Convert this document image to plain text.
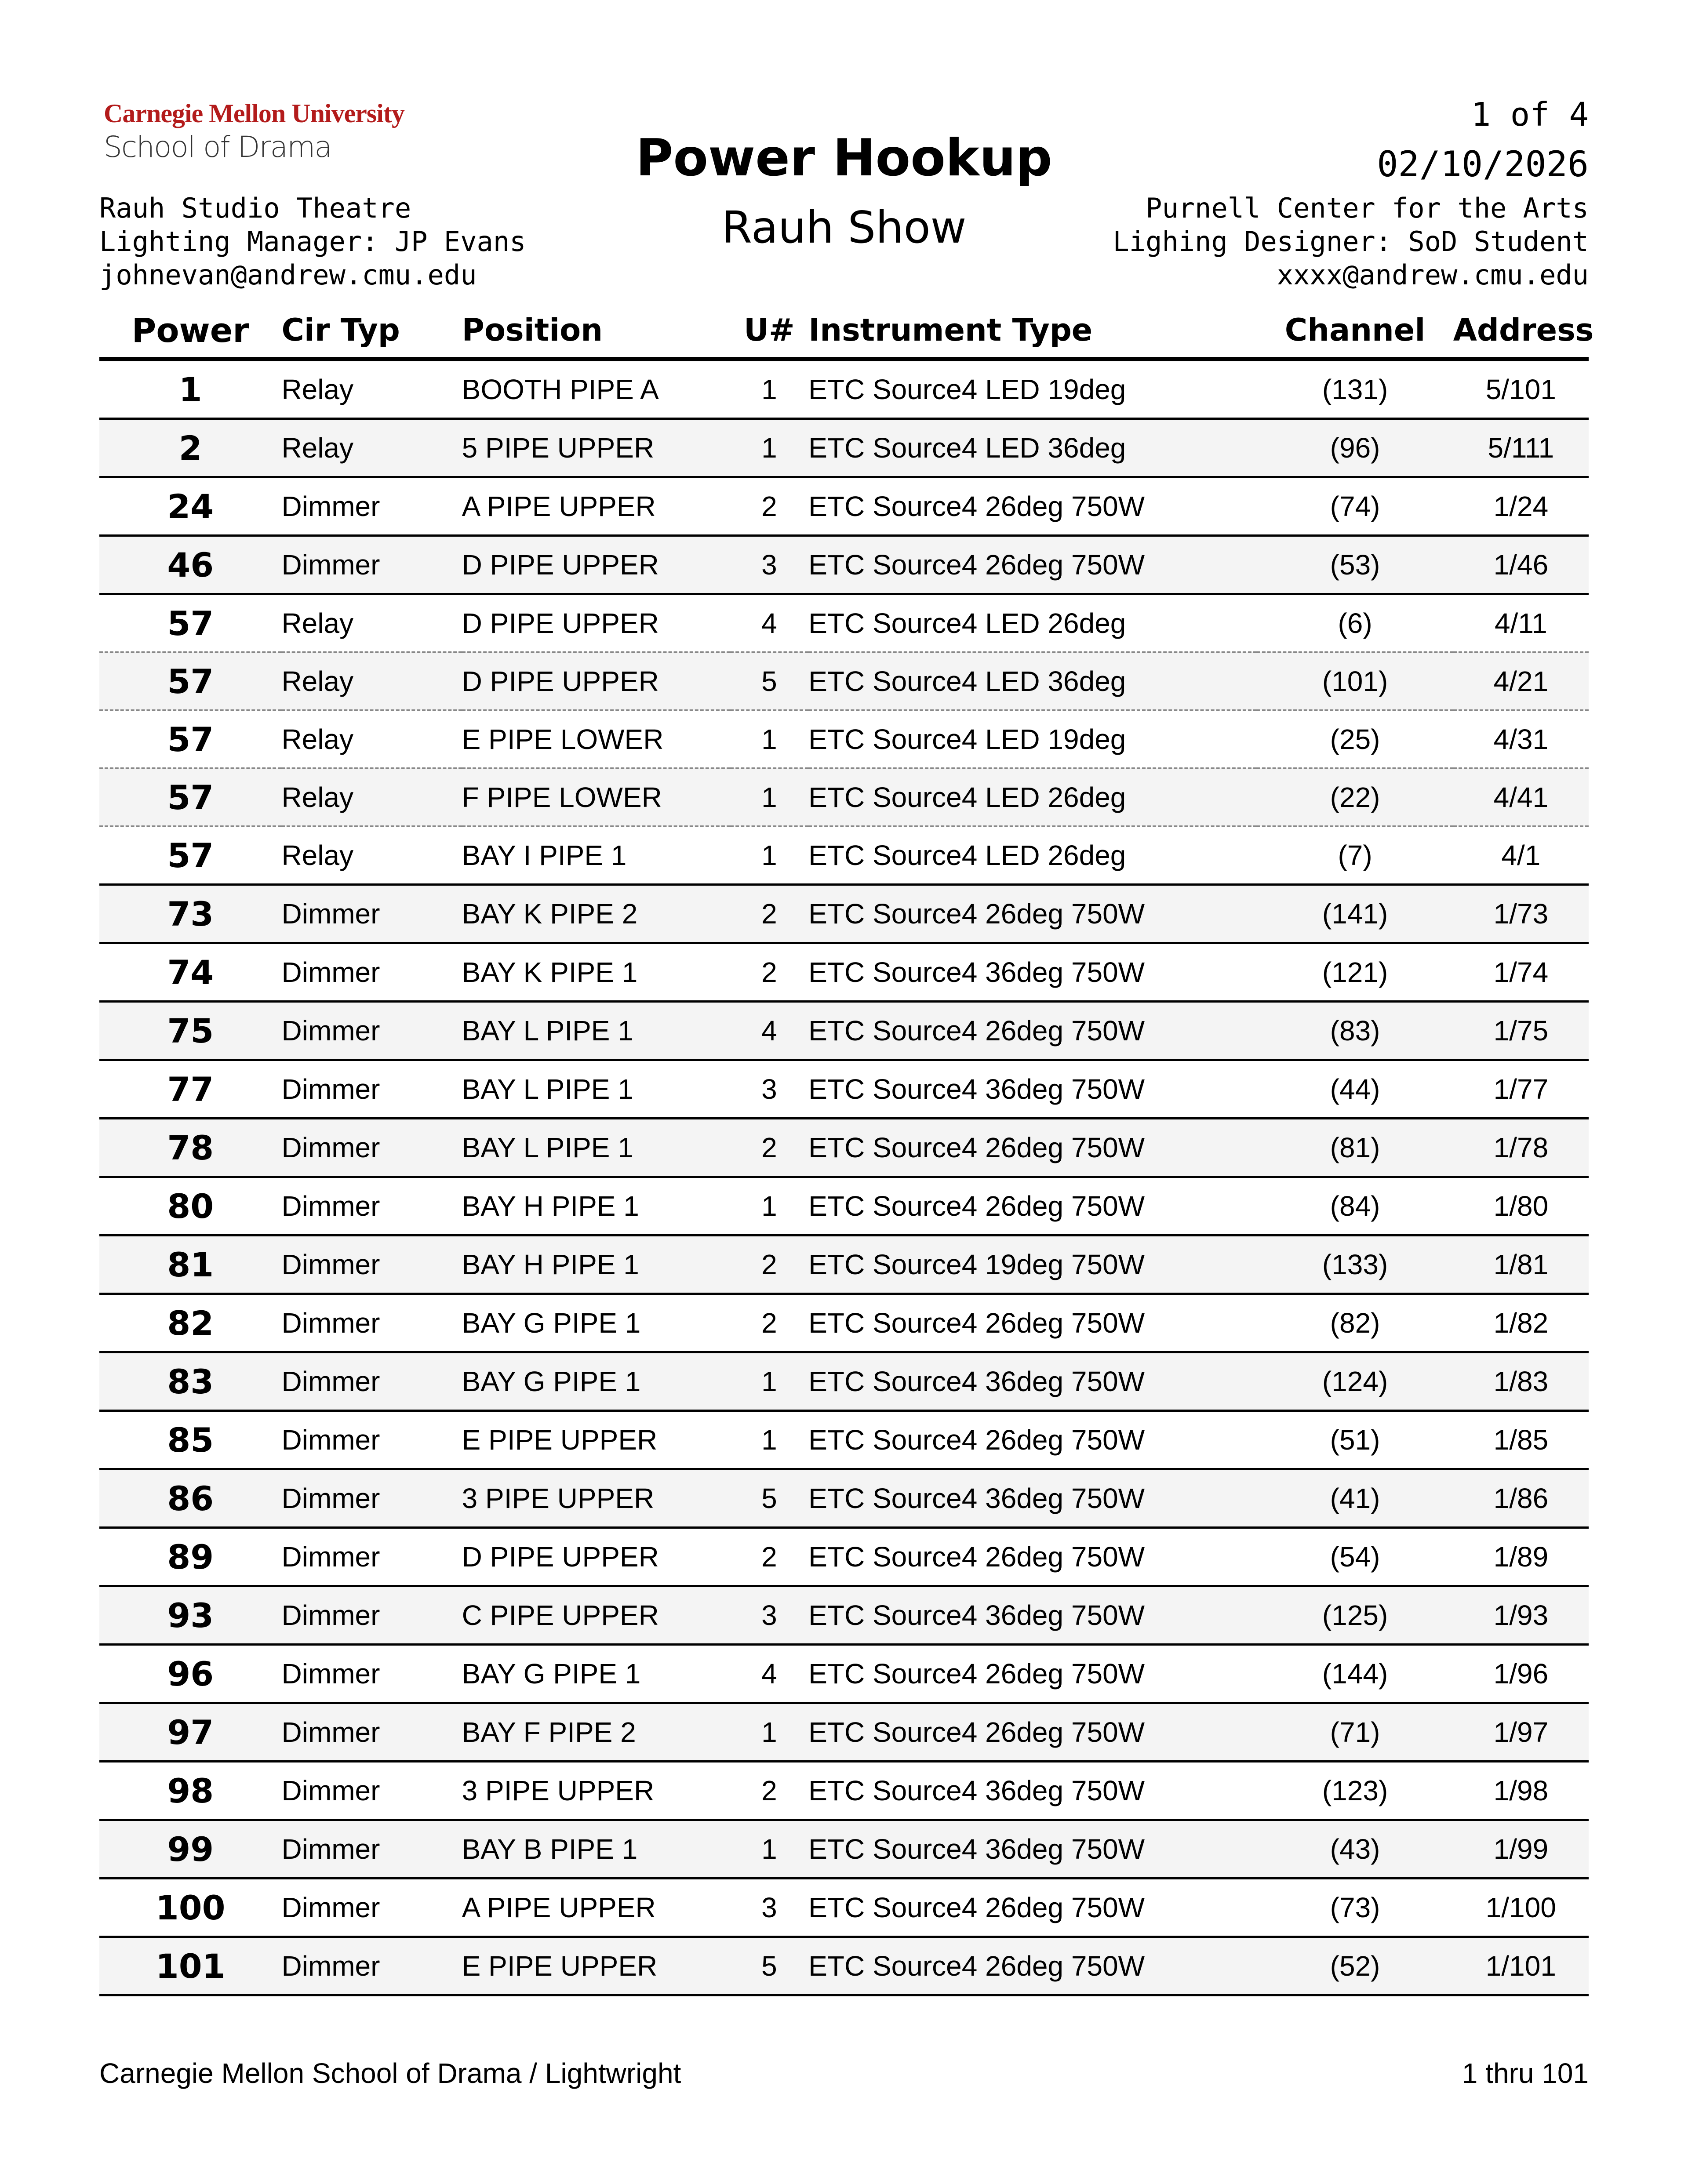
Carnegie Mellon University
School of Drama	Power Hookup
Rauh Show
1 of 4
02/10/2026
Rauh Studio Theatre
Lighting Manager: JP Evans
johnevan@andrew.cmu.edu
Purnell Center for the Arts
Lighing Designer: SoD Student
xxxx@andrew.cmu.edu
Power	Cir Typ	Position	U#	Instrument Type	Channel	Address
1	Relay	BOOTH PIPE A	1	ETC Source4 LED 19deg	(131)	5/101
2	Relay	5 PIPE UPPER	1	ETC Source4 LED 36deg	(96)	5/111
24	Dimmer	A PIPE UPPER	2	ETC Source4 26deg 750W	(74)	1/24
46	Dimmer	D PIPE UPPER	3	ETC Source4 26deg 750W	(53)	1/46
57	Relay	D PIPE UPPER	4	ETC Source4 LED 26deg	(6)	4/11
57	Relay	D PIPE UPPER	5	ETC Source4 LED 36deg	(101)	4/21
57	Relay	E PIPE LOWER	1	ETC Source4 LED 19deg	(25)	4/31
57	Relay	F PIPE LOWER	1	ETC Source4 LED 26deg	(22)	4/41
57	Relay	BAY I PIPE 1	1	ETC Source4 LED 26deg	(7)	4/1
73	Dimmer	BAY K PIPE 2	2	ETC Source4 26deg 750W	(141)	1/73
74	Dimmer	BAY K PIPE 1	2	ETC Source4 36deg 750W	(121)	1/74
75	Dimmer	BAY L PIPE 1	4	ETC Source4 26deg 750W	(83)	1/75
77	Dimmer	BAY L PIPE 1	3	ETC Source4 36deg 750W	(44)	1/77
78	Dimmer	BAY L PIPE 1	2	ETC Source4 26deg 750W	(81)	1/78
80	Dimmer	BAY H PIPE 1	1	ETC Source4 26deg 750W	(84)	1/80
81	Dimmer	BAY H PIPE 1	2	ETC Source4 19deg 750W	(133)	1/81
82	Dimmer	BAY G PIPE 1	2	ETC Source4 26deg 750W	(82)	1/82
83	Dimmer	BAY G PIPE 1	1	ETC Source4 36deg 750W	(124)	1/83
85	Dimmer	E PIPE UPPER	1	ETC Source4 26deg 750W	(51)	1/85
86	Dimmer	3 PIPE UPPER	5	ETC Source4 36deg 750W	(41)	1/86
89	Dimmer	D PIPE UPPER	2	ETC Source4 26deg 750W	(54)	1/89
93	Dimmer	C PIPE UPPER	3	ETC Source4 36deg 750W	(125)	1/93
96	Dimmer	BAY G PIPE 1	4	ETC Source4 26deg 750W	(144)	1/96
97	Dimmer	BAY F PIPE 2	1	ETC Source4 26deg 750W	(71)	1/97
98	Dimmer	3 PIPE UPPER	2	ETC Source4 36deg 750W	(123)	1/98
99	Dimmer	BAY B PIPE 1	1	ETC Source4 36deg 750W	(43)	1/99
100	Dimmer	A PIPE UPPER	3	ETC Source4 26deg 750W	(73)	1/100
101	Dimmer	E PIPE UPPER	5	ETC Source4 26deg 750W	(52)	1/101
Carnegie Mellon School of Drama / Lightwright	1 thru 101
